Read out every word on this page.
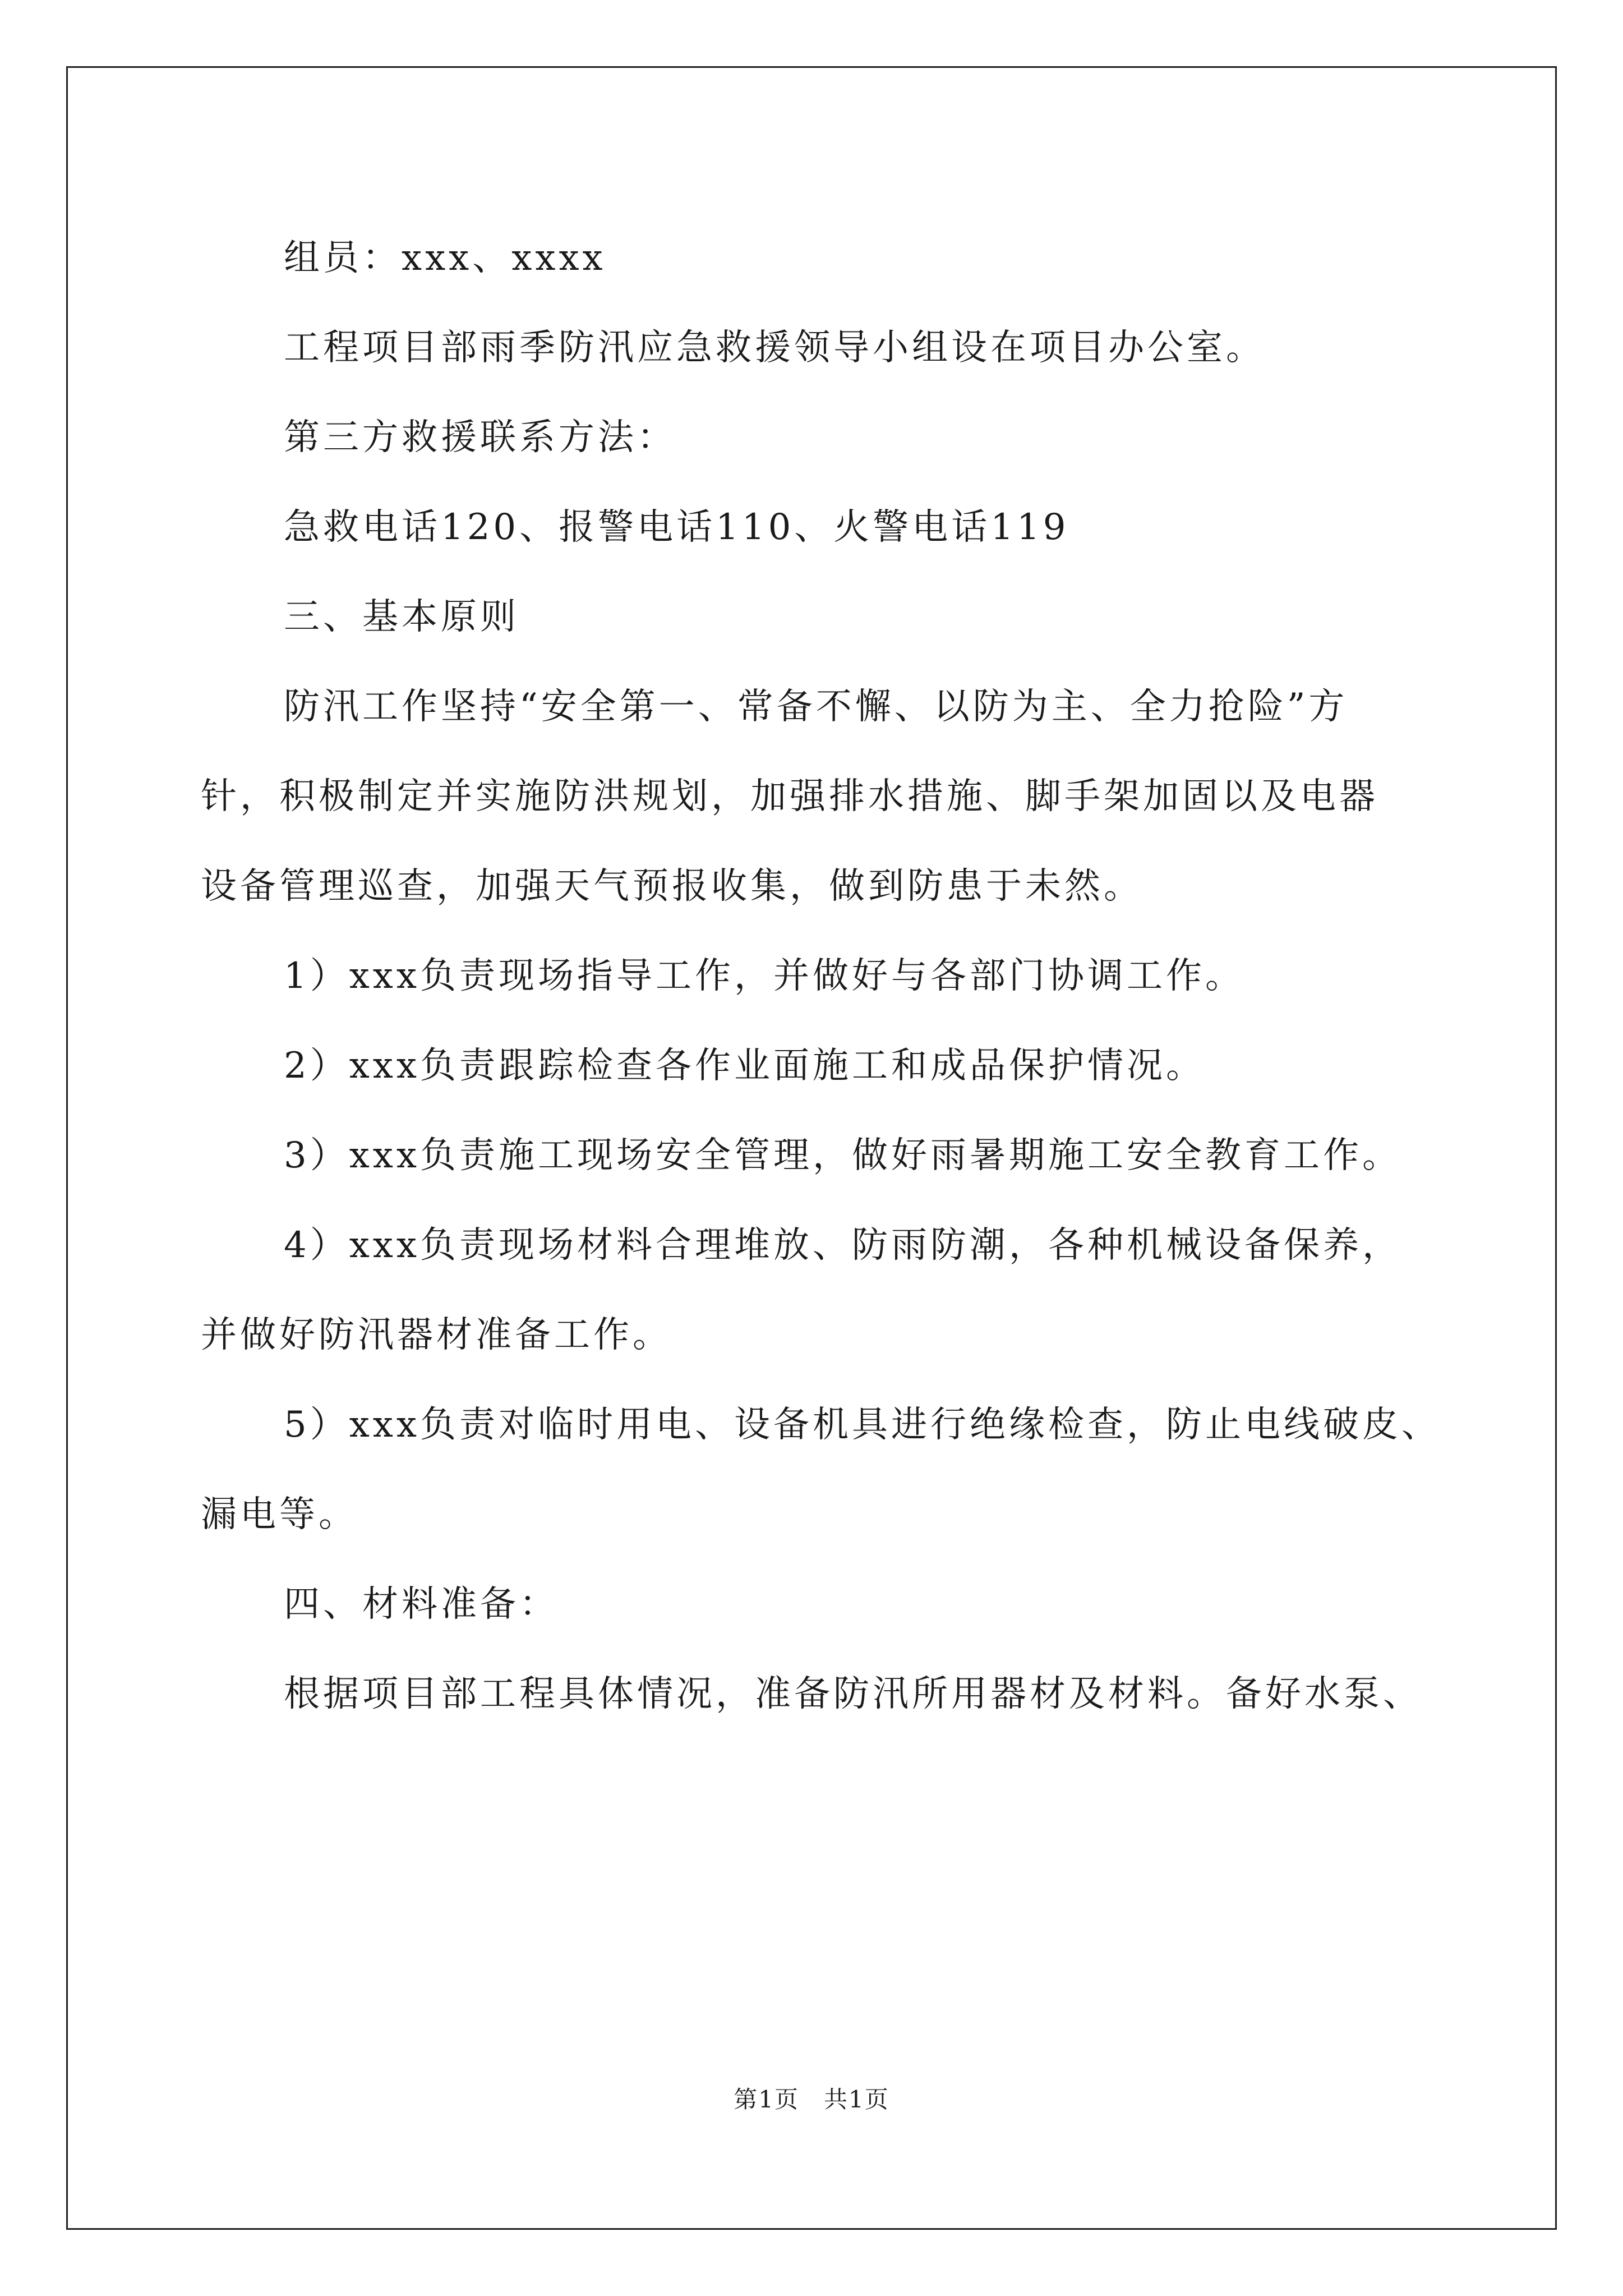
组员：xxx、xxxx

工程项目部雨季防汛应急救援领导小组设在项目办公室。

第三方救援联系方法：

急救电话120、报警电话110、火警电话119

三、基本原则

防汛工作坚持“安全第一、常备不懈、以防为主、全力抢险”方

针，积极制定并实施防洪规划，加强排水措施、脚手架加固以及电器

设备管理巡查，加强天气预报收集，做到防患于未然。

1）xxx负责现场指导工作，并做好与各部门协调工作。

2）xxx负责跟踪检查各作业面施工和成品保护情况。

3）xxx负责施工现场安全管理，做好雨暑期施工安全教育工作。

4）xxx负责现场材料合理堆放、防雨防潮，各种机械设备保养，

并做好防汛器材准备工作。

5）xxx负责对临时用电、设备机具进行绝缘检查，防止电线破皮、

漏电等。

四、材料准备：

根据项目部工程具体情况，准备防汛所用器材及材料。备好水泵、

第1页　共1页
